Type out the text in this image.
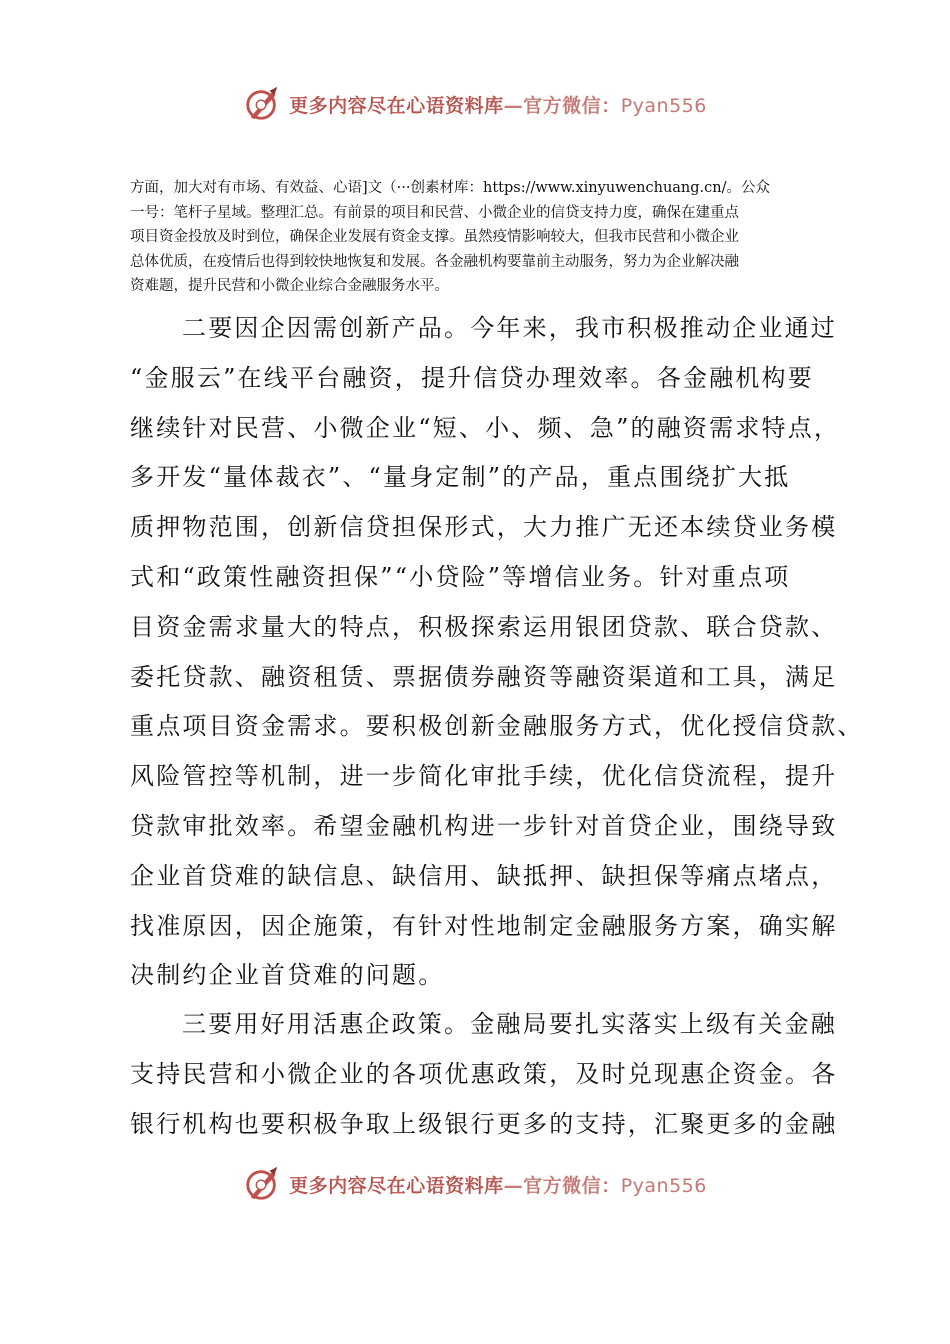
更多内容尽在心语资料库—官方微信：Pyan556
方面，加大对有市场、有效益、心语]文（···创素材库：https://www.xinyuwenchuang.cn/。公众
一号：笔杆子星域。整理汇总。有前景的项目和民营、小微企业的信贷支持力度，确保在建重点
项目资金投放及时到位，确保企业发展有资金支撑。虽然疫情影响较大，但我市民营和小微企业
总体优质，在疫情后也得到较快地恢复和发展。各金融机构要靠前主动服务，努力为企业解决融
资难题，提升民营和小微企业综合金融服务水平。
二要因企因需创新产品。今年来，我市积极推动企业通过
“金服云”在线平台融资，提升信贷办理效率。各金融机构要
继续针对民营、小微企业“短、小、频、急”的融资需求特点，
多开发“量体裁衣”、“量身定制”的产品，重点围绕扩大抵
质押物范围，创新信贷担保形式，大力推广无还本续贷业务模
式和“政策性融资担保”“小贷险”等增信业务。针对重点项
目资金需求量大的特点，积极探索运用银团贷款、联合贷款、
委托贷款、融资租赁、票据债券融资等融资渠道和工具，满足
重点项目资金需求。要积极创新金融服务方式，优化授信贷款、
风险管控等机制，进一步简化审批手续，优化信贷流程，提升
贷款审批效率。希望金融机构进一步针对首贷企业，围绕导致
企业首贷难的缺信息、缺信用、缺抵押、缺担保等痛点堵点，
找准原因，因企施策，有针对性地制定金融服务方案，确实解
决制约企业首贷难的问题。
三要用好用活惠企政策。金融局要扎实落实上级有关金融
支持民营和小微企业的各项优惠政策，及时兑现惠企资金。各
银行机构也要积极争取上级银行更多的支持，汇聚更多的金融
更多内容尽在心语资料库—官方微信：Pyan556
